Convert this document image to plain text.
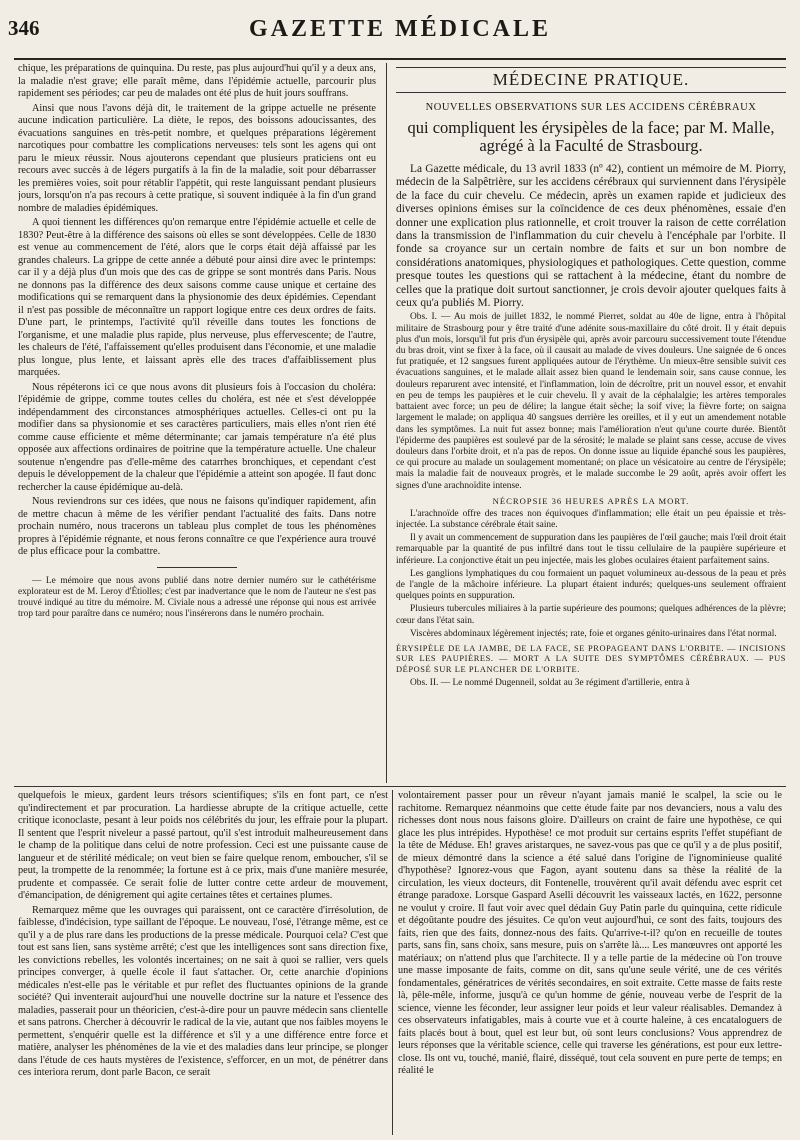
346	GAZETTE MÉDICALE

chique, les préparations de quinquina. Du reste, pas plus aujourd'hui qu'il y a deux ans, la maladie n'est grave; elle paraît même, dans l'épidémie actuelle, parcourir plus rapidement ses périodes; car peu de malades ont été plus de huit jours souffrans.

Ainsi que nous l'avons déjà dit, le traitement de la grippe actuelle ne présente aucune indication particulière. La diète, le repos, des boissons adoucissantes, des évacuations sanguines en très-petit nombre, et quelques préparations légèrement narcotiques pour combattre les complications nerveuses: tels sont les agens qui ont paru le mieux réussir. Nous ajouterons cependant que plusieurs praticiens ont eu recours avec succès à de légers purgatifs à la fin de la maladie, soit pour débarrasser les premières voies, soit pour rétablir l'appétit, qui reste languissant pendant plusieurs jours, lorsqu'on n'a pas recours à cette pratique, si souvent indiquée à la fin d'un grand nombre de maladies épidémiques.

A quoi tiennent les différences qu'on remarque entre l'épidémie actuelle et celle de 1830? Peut-être à la différence des saisons où elles se sont développées. Celle de 1830 est venue au commencement de l'été, alors que le corps était déjà affaissé par les grandes chaleurs. La grippe de cette année a débuté pour ainsi dire avec le printemps: car il y a déjà plus d'un mois que des cas de grippe se sont montrés dans Paris. Nous ne donnons pas la différence des deux saisons comme cause unique et certaine des modifications qui se remarquent dans la physionomie des deux épidémies. Cependant il n'est pas possible de méconnaître un rapport logique entre ces deux ordres de faits. D'une part, le printemps, l'activité qu'il réveille dans toutes les fonctions de l'organisme, et une maladie plus rapide, plus nerveuse, plus effervescente; de l'autre, les chaleurs de l'été, l'affaissement qu'elles produisent dans l'économie, et une maladie plus longue, plus lente, et laissant après elle des traces d'affaiblissement plus marquées.

Nous répéterons ici ce que nous avons dit plusieurs fois à l'occasion du choléra: l'épidémie de grippe, comme toutes celles du choléra, est née et s'est développée indépendamment des circonstances atmosphériques actuelles. Celles-ci ont pu la modifier dans sa physionomie et ses caractères particuliers, mais elles n'ont rien été comme cause efficiente et même déterminante; car jamais température n'a été plus opposée aux affections ordinaires de poitrine que la température actuelle. Une chaleur soutenue n'engendre pas d'elle-même des catarrhes bronchiques, et cependant c'est depuis le développement de la chaleur que l'épidémie a atteint son apogée. Il faut donc rechercher la cause épidémique au-delà.

Nous reviendrons sur ces idées, que nous ne faisons qu'indiquer rapidement, afin de mettre chacun à même de les vérifier pendant l'actualité des faits. Dans notre prochain numéro, nous tracerons un tableau plus complet de tous les phénomènes propres à l'épidémie régnante, et nous ferons connaître ce que l'expérience aura trouvé de plus efficace pour la combattre.

— Le mémoire que nous avons publié dans notre dernier numéro sur le cathétérisme explorateur est de M. Leroy d'Étiolles; c'est par inadvertance que le nom de l'auteur ne s'est pas trouvé indiqué au titre du mémoire. M. Civiale nous a adressé une réponse qui nous est arrivée trop tard pour paraître dans ce numéro; nous l'insérerons dans le numéro prochain.

MÉDECINE PRATIQUE.
NOUVELLES OBSERVATIONS SUR LES ACCIDENS CÉRÉBRAUX
qui compliquent les érysipèles de la face; par M. Malle, agrégé à la Faculté de Strasbourg.

La Gazette médicale, du 13 avril 1833 (nº 42), contient un mémoire de M. Piorry, médecin de la Salpêtrière, sur les accidens cérébraux qui surviennent dans l'érysipèle de la face du cuir chevelu. Ce médecin, après un examen rapide et judicieux des diverses opinions émises sur la coïncidence de ces deux phénomènes, essaie d'en donner une explication plus rationnelle, et croit trouver la raison de cette corrélation dans la transmission de l'inflammation du cuir chevelu à l'encéphale par l'orbite. Il fonde sa croyance sur un certain nombre de faits et sur un bon nombre de considérations anatomiques, physiologiques et pathologiques. Cette question, comme presque toutes les questions qui se rattachent à la médecine, étant du nombre de celles que la pratique doit surtout sanctionner, je crois devoir ajouter quelques faits à ceux qu'a publiés M. Piorry.

Obs. I. — Au mois de juillet 1832, le nommé Pierret, soldat au 40e de ligne, entra à l'hôpital militaire de Strasbourg pour y être traité d'une adénite sous-maxillaire du côté droit. Il y était depuis plus d'un mois, lorsqu'il fut pris d'un érysipèle qui, après avoir parcouru successivement toute l'étendue du bras droit, vint se fixer à la face, où il causait au malade de vives douleurs. Une saignée de 6 onces fut pratiquée, et 12 sangsues furent appliquées autour de l'érythème. Un mieux-être sensible suivit ces évacuations sanguines, et le malade allait assez bien quand le lendemain soir, sans cause connue, les douleurs reparurent avec intensité, et l'inflammation, loin de décroître, prit un nouvel essor, et envahit en peu de temps les paupières et le cuir chevelu. Il y avait de la céphalalgie; les artères temporales battaient avec force; un peu de délire; la langue était sèche; la soif vive; la fièvre forte; on saigna largement le malade; on appliqua 40 sangsues derrière les oreilles, et il y eut un amendement notable dans les symptômes. La nuit fut assez bonne; mais l'amélioration n'eut qu'une courte durée. Bientôt l'épiderme des paupières est soulevé par de la sérosité; le malade se plaint sans cesse, accuse de vives douleurs dans l'orbite droit, et n'a pas de repos. On donne issue au liquide épanché sous les paupières, ce qui procure au malade un soulagement momentané; on place un vésicatoire au centre de l'érysipèle; mais la maladie fait de nouveaux progrès, et le malade succombe le 29 août, après avoir offert les signes d'une arachnoïdite intense.

NÉCROPSIE 36 HEURES APRÈS LA MORT.

L'arachnoïde offre des traces non équivoques d'inflammation; elle était un peu épaissie et très-injectée. La substance cérébrale était saine.

Il y avait un commencement de suppuration dans les paupières de l'œil gauche; mais l'œil droit était remarquable par la quantité de pus infiltré dans tout le tissu cellulaire de la paupière supérieure et inférieure. La conjonctive était un peu injectée, mais les globes oculaires étaient parfaitement sains.

Les ganglions lymphatiques du cou formaient un paquet volumineux au-dessous de la peau et près de l'angle de la mâchoire inférieure. La plupart étaient indurés; quelques-uns seulement offraient quelques points en suppuration.

Plusieurs tubercules miliaires à la partie supérieure des poumons; quelques adhérences de la plèvre; cœur dans l'état sain.

Viscères abdominaux légèrement injectés; rate, foie et organes génito-urinaires dans l'état normal.

ÉRYSIPÈLE DE LA JAMBE, DE LA FACE, SE PROPAGEANT DANS L'ORBITE. — INCISIONS SUR LES PAUPIÈRES. — MORT A LA SUITE DES SYMPTÔMES CÉRÉBRAUX. — PUS DÉPOSÉ SUR LE PLANCHER DE L'ORBITE.

Obs. II. — Le nommé Dugenneil, soldat au 3e régiment d'artillerie, entra à

quelquefois le mieux, gardent leurs trésors scientifiques; s'ils en font part, ce n'est qu'indirectement et par procuration. La hardiesse abrupte de la critique actuelle, cette critique iconoclaste, pesant à leur poids nos célébrités du jour, les effraie pour la plupart. Il sentent que l'esprit niveleur a passé partout, qu'il s'est introduit malheureusement dans le champ de la politique dans celui de notre profession. Ceci est une puissante cause de langueur et de stérilité médicale; on veut bien se faire quelque renom, emboucher, s'il se peut, la trompette de la renommée; la fortune est à ce prix, mais d'une manière mesurée, prudente et compassée. Ce serait folie de lutter contre cette ardeur de mouvement, d'émancipation, de dénigrement qui agite certaines têtes et certaines plumes.

Remarquez même que les ouvrages qui paraissent, ont ce caractère d'irrésolution, de faiblesse, d'indécision, type saillant de l'époque. Le nouveau, l'osé, l'étrange même, est ce qu'il y a de plus rare dans les productions de la presse médicale. Pourquoi cela? C'est que tout est sans lien, sans système arrêté; c'est que les intelligences sont sans direction fixe, les convictions rebelles, les volontés incertaines; on ne sait à quoi se rallier, vers quels principes converger, à quelle école il faut s'attacher. Or, cette anarchie d'opinions médicales n'est-elle pas le véritable et pur reflet des fluctuantes opinions de la grande société? Qui inventerait aujourd'hui une nouvelle doctrine sur la nature et l'essence des maladies, passerait pour un théoricien, c'est-à-dire pour un pauvre médecin sans clientelle et sans patrons. Chercher à découvrir le radical de la vie, autant que nos faibles moyens le permettent, s'enquérir quelle est la différence et s'il y a une différence entre force et matière, analyser les phénomènes de la vie et des maladies dans leur principe, se plonger dans l'étude de ces hauts mystères de l'existence, s'efforcer, en un mot, de pénétrer dans ces interiora rerum, dont parle Bacon, ce serait

volontairement passer pour un rêveur n'ayant jamais manié le scalpel, la scie ou le rachitome. Remarquez néanmoins que cette étude faite par nos devanciers, nous a valu des richesses dont nous nous faisons gloire. D'ailleurs on craint de faire une hypothèse, ce qui glace les plus intrépides. Hypothèse! ce mot produit sur certains esprits l'effet stupéfiant de la tête de Méduse. Eh! graves aristarques, ne savez-vous pas que ce qu'il y a de plus positif, de mieux démontré dans la science a été salué dans l'origine de l'ignominieuse qualité d'hypothèse? Ignorez-vous que Fagon, ayant soutenu dans sa thèse la réalité de la circulation, les vieux docteurs, dit Fontenelle, trouvèrent qu'il avait défendu avec esprit cet étrange paradoxe. Lorsque Gaspard Aselli découvrit les vaisseaux lactés, en 1622, personne ne voulut y croire. Il faut voir avec quel dédain Guy Patin parle du quinquina, cette ridicule et dégoûtante poudre des jésuites. Ce qu'on veut aujourd'hui, ce sont des faits, toujours des faits, rien que des faits, donnez-nous des faits. Qu'arrive-t-il? qu'on en recueille de toutes parts, sans fin, sans choix, sans mesure, puis on s'arrête là.... Les manœuvres ont apporté les matériaux; on n'attend plus que l'architecte. Il y a telle partie de la médecine où l'on trouve une masse imposante de faits, comme on dit, sans qu'une seule vérité, une de ces vérités fondamentales, génératrices de vérités secondaires, en soit extraite. Cette masse de faits reste là, pêle-mêle, informe, jusqu'à ce qu'un homme de génie, nouveau verbe de l'esprit de la science, vienne les féconder, leur assigner leur poids et leur valeur réalisables. Demandez à ces observateurs infatigables, mais à courte vue et à courte haleine, à ces encataloguers de faits placés bout à bout, quel est leur but, où sont leurs conclusions? Vous apprendrez de leurs réponses que la véritable science, celle qui traverse les générations, est pour eux lettre-close. Ils ont vu, touché, manié, flairé, disséqué, tout cela souvent en pure perte de temps; en réalité le
